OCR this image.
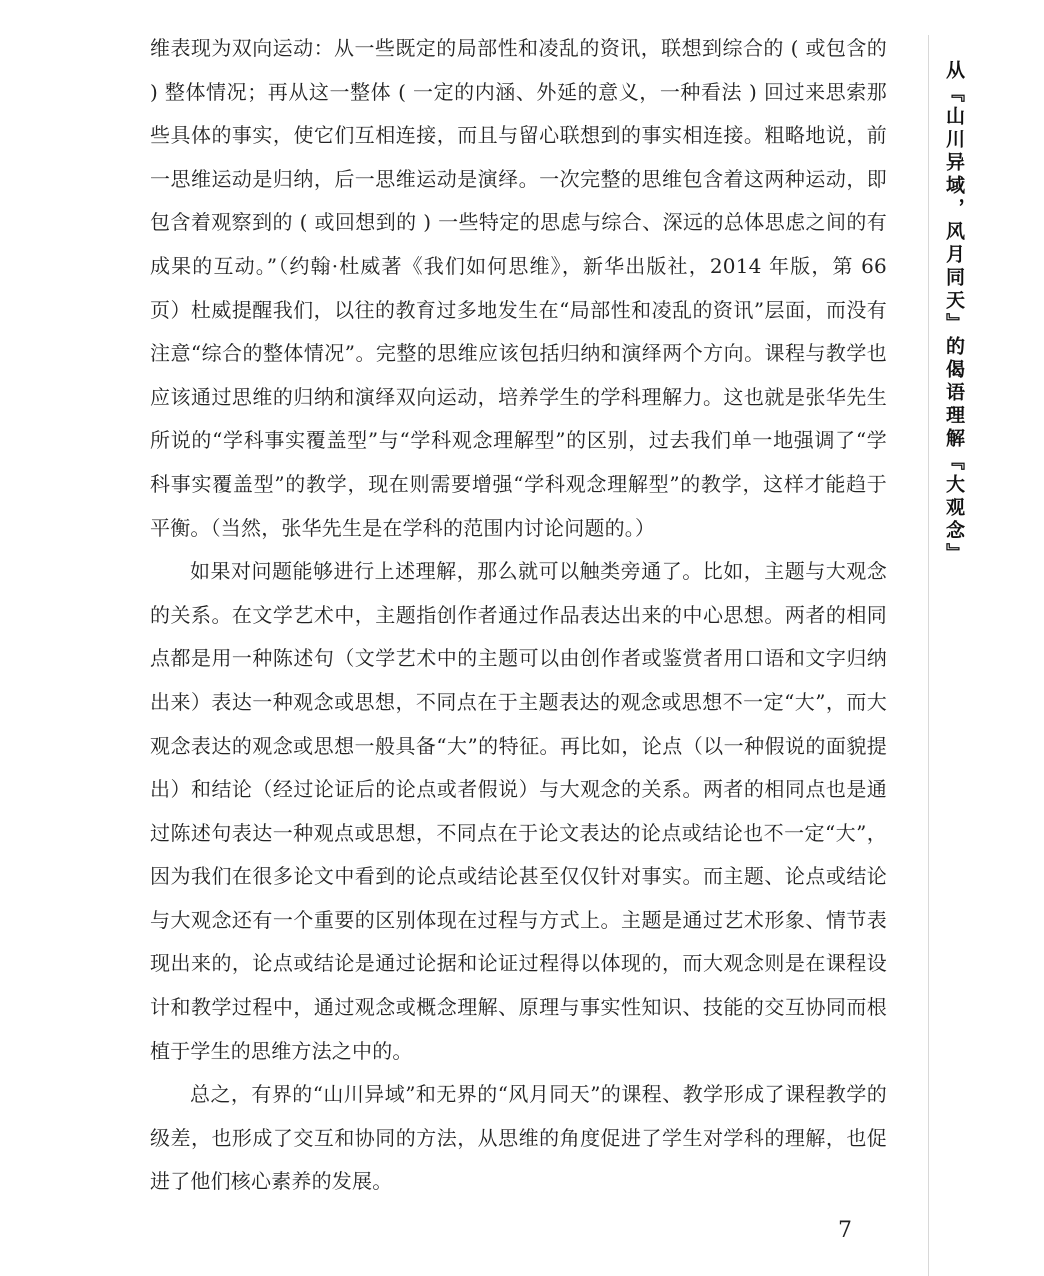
维表现为双向运动：从一些既定的局部性和凌乱的资讯，联想到综合的 ( 或包含的 ) 整体情况；再从这一整体 ( 一定的内涵、外延的意义，一种看法 ) 回过来思索那些具体的事实，使它们互相连接，而且与留心联想到的事实相连接。粗略地说，前一思维运动是归纳，后一思维运动是演绎。一次完整的思维包含着这两种运动，即包含着观察到的 ( 或回想到的 ) 一些特定的思虑与综合、深远的总体思虑之间的有成果的互动。”（约翰·杜威著《我们如何思维》，新华出版社，2014 年版，第 66 页）杜威提醒我们，以往的教育过多地发生在“局部性和凌乱的资讯”层面，而没有注意“综合的整体情况”。完整的思维应该包括归纳和演绎两个方向。课程与教学也应该通过思维的归纳和演绎双向运动，培养学生的学科理解力。这也就是张华先生所说的“学科事实覆盖型”与“学科观念理解型”的区别，过去我们单一地强调了“学科事实覆盖型”的教学，现在则需要增强“学科观念理解型”的教学，这样才能趋于平衡。（当然，张华先生是在学科的范围内讨论问题的。）

如果对问题能够进行上述理解，那么就可以触类旁通了。比如，主题与大观念的关系。在文学艺术中，主题指创作者通过作品表达出来的中心思想。两者的相同点都是用一种陈述句（文学艺术中的主题可以由创作者或鉴赏者用口语和文字归纳出来）表达一种观念或思想，不同点在于主题表达的观念或思想不一定“大”，而大观念表达的观念或思想一般具备“大”的特征。再比如，论点（以一种假说的面貌提出）和结论（经过论证后的论点或者假说）与大观念的关系。两者的相同点也是通过陈述句表达一种观点或思想，不同点在于论文表达的论点或结论也不一定“大”，因为我们在很多论文中看到的论点或结论甚至仅仅针对事实。而主题、论点或结论与大观念还有一个重要的区别体现在过程与方式上。主题是通过艺术形象、情节表现出来的，论点或结论是通过论据和论证过程得以体现的，而大观念则是在课程设计和教学过程中，通过观念或概念理解、原理与事实性知识、技能的交互协同而根植于学生的思维方法之中的。

总之，有界的“山川异域”和无界的“风月同天”的课程、教学形成了课程教学的级差，也形成了交互和协同的方法，从思维的角度促进了学生对学科的理解，也促进了他们核心素养的发展。

从『山川异域，风月同天』的偈语理解『大观念』
7
